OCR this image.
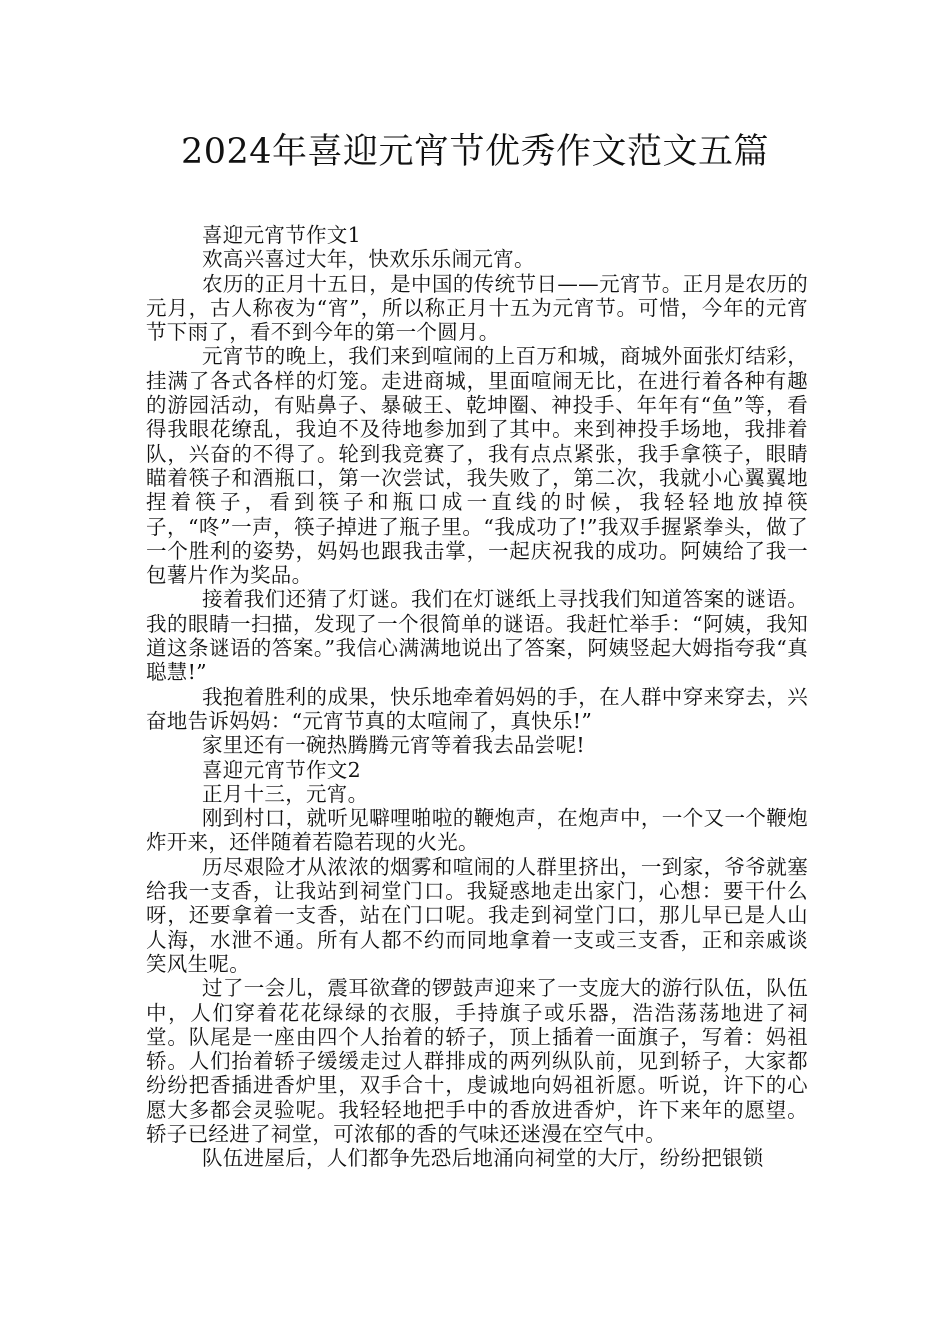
2024年喜迎元宵节优秀作文范文五篇

喜迎元宵节作文1

欢高兴喜过大年，快欢乐乐闹元宵。

农历的正月十五日，是中国的传统节日——元宵节。正月是农历的元月，古人称夜为“宵”，所以称正月十五为元宵节。可惜，今年的元宵节下雨了，看不到今年的第一个圆月。

元宵节的晚上，我们来到喧闹的上百万和城，商城外面张灯结彩，挂满了各式各样的灯笼。走进商城，里面喧闹无比，在进行着各种有趣的游园活动，有贴鼻子、暴破王、乾坤圈、神投手、年年有“鱼”等，看得我眼花缭乱，我迫不及待地参加到了其中。来到神投手场地，我排着队，兴奋的不得了。轮到我竞赛了，我有点点紧张，我手拿筷子，眼睛瞄着筷子和酒瓶口，第一次尝试，我失败了，第二次，我就小心翼翼地捏着筷子，看到筷子和瓶口成一直线的时候，我轻轻地放掉筷子，“咚”一声，筷子掉进了瓶子里。“我成功了!”我双手握紧拳头，做了一个胜利的姿势，妈妈也跟我击掌，一起庆祝我的成功。阿姨给了我一包薯片作为奖品。

接着我们还猜了灯谜。我们在灯谜纸上寻找我们知道答案的谜语。我的眼睛一扫描，发现了一个很简单的谜语。我赶忙举手：“阿姨，我知道这条谜语的答案。”我信心满满地说出了答案，阿姨竖起大姆指夸我“真聪慧!”

我抱着胜利的成果，快乐地牵着妈妈的手，在人群中穿来穿去，兴奋地告诉妈妈：“元宵节真的太喧闹了，真快乐!”

家里还有一碗热腾腾元宵等着我去品尝呢!

喜迎元宵节作文2

正月十三，元宵。

刚到村口，就听见噼哩啪啦的鞭炮声，在炮声中，一个又一个鞭炮炸开来，还伴随着若隐若现的火光。

历尽艰险才从浓浓的烟雾和喧闹的人群里挤出，一到家，爷爷就塞给我一支香，让我站到祠堂门口。我疑惑地走出家门，心想：要干什么呀，还要拿着一支香，站在门口呢。我走到祠堂门口，那儿早已是人山人海，水泄不通。所有人都不约而同地拿着一支或三支香，正和亲戚谈笑风生呢。

过了一会儿，震耳欲聋的锣鼓声迎来了一支庞大的游行队伍，队伍中，人们穿着花花绿绿的衣服，手持旗子或乐器，浩浩荡荡地进了祠堂。队尾是一座由四个人抬着的轿子，顶上插着一面旗子，写着：妈祖轿。人们抬着轿子缓缓走过人群排成的两列纵队前，见到轿子，大家都纷纷把香插进香炉里，双手合十，虔诚地向妈祖祈愿。听说，许下的心愿大多都会灵验呢。我轻轻地把手中的香放进香炉，许下来年的愿望。轿子已经进了祠堂，可浓郁的香的气味还迷漫在空气中。

队伍进屋后，人们都争先恐后地涌向祠堂的大厅，纷纷把银锁
